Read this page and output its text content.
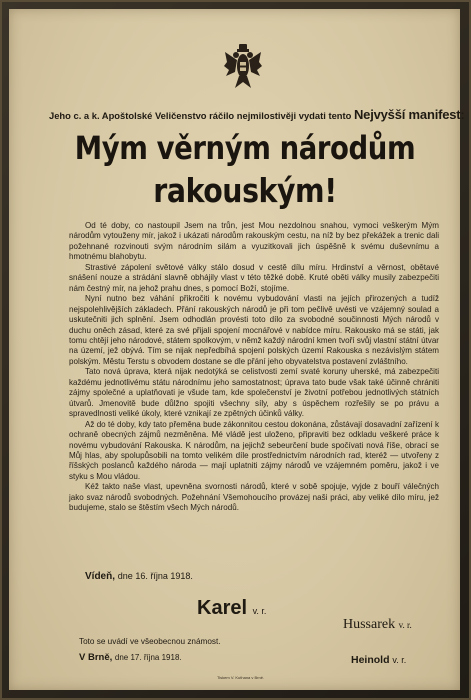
Jeho c. a k. Apoštolské Veličenstvo ráčilo nejmilostivěji vydati tento Nejvyšší manifest:
Mým věrným národům
rakouským!

Od té doby, co nastoupil Jsem na trůn, jest Mou nezdolnou snahou, vymoci veškerým Mým národům vytouženy mír, jakož i ukázati národům rakouským cestu, na níž by bez překážek a trenic dali požehnané rozvinouti svým národním silám a vyuzitkovali jich úspěšně k svému duševnímu a hmotnému blahobytu.

Strastivé zápolení světové války stálo dosud v cestě dílu míru. Hrdinství a věrnost, obětavé snášení nouze a strádání slavně obhájily vlast v této těžké době. Kruté oběti války musily zabezpečiti nám čestný mír, na jehož prahu dnes, s pomocí Boží, stojíme.

Nyní nutno bez váhání přikročiti k novému vybudování vlasti na jejích přirozených a tudíž nejspolehlivějších základech. Přání rakouských národů je při tom pečlivě uvésti ve vzájemný soulad a uskutečniti jich splnění. Jsem odhodlán provésti toto dílo za svobodné součinnosti Mých národů v duchu oněch zásad, které za své přijali spojení mocnářové v nabídce míru. Rakousko má se státi, jak tomu chtějí jeho národové, státem spolkovým, v němž každý národní kmen tvoří svůj vlastní státní útvar na území, jež obývá. Tím se nijak nepředbíhá spojení polských území Rakouska s nezávislým státem polským. Městu Terstu s obvodem dostane se dle přání jeho obyvatelstva postavení zvláštního.

Tato nová úprava, která nijak nedotýká se celistvosti zemí svaté koruny uherské, má zabezpečiti každému jednotlivému státu národnímu jeho samostatnost; úprava tato bude však také účinně chrániti zájmy společné a uplatňovati je všude tam, kde společenství je životní potřebou jednotlivých státních útvarů. Jmenovitě bude důlžno spojiti všechny síly, aby s úspěchem rozřešily se po právu a spravedlnosti veliké úkoly, které vznikají ze zpětných účinků války.

Až do té doby, kdy tato přeměna bude zákonnitou cestou dokonána, zůstávají dosavadní zařízení k ochraně obecných zájmů nezměněna. Mé vládě jest uloženo, připraviti bez odkladu veškeré práce k novému vybudování Rakouska. K národům, na jejichž sebeurčení bude spočívati nová říše, obrací se Můj hlas, aby spolupůsobili na tomto velikém díle prostřednictvím národních rad, kteréž — utvořeny z říšských poslanců každého národa — mají uplatniti zájmy národů ve vzájemném poměru, jakož i ve styku s Mou vládou.

Kéž takto naše vlast, upevněna svornosti národů, které v sobě spojuje, vyjde z bouří válečných jako svaz národů svobodných. Požehnání Všemohoucího provázej naši práci, aby veliké dílo míru, jež budujeme, stalo se štěstím všech Mých národů.

Vídeň, dne 16. října 1918.
Karel v. r.
Hussarek v. r.
Toto se uvádí ve všeobecnou známost.
V Brně, dne 17. října 1918.	Heinold v. r.
Tiskem V. Kuthana v Brně.
